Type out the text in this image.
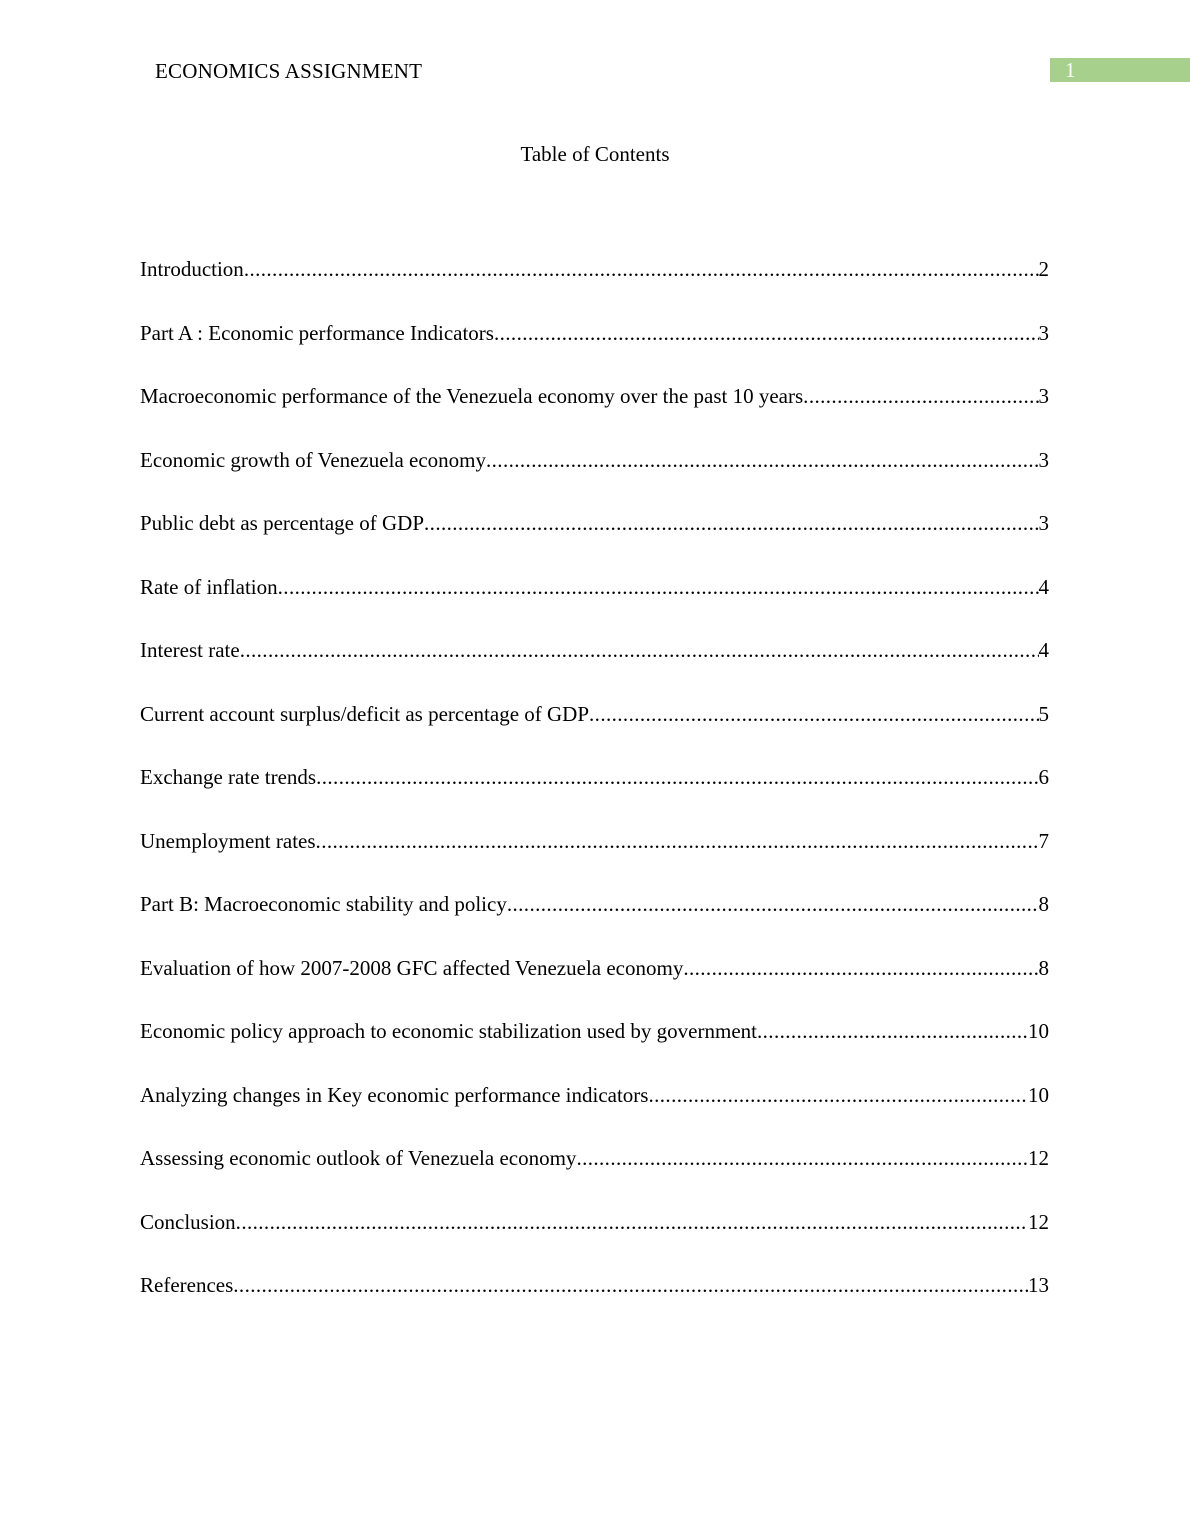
ECONOMICS ASSIGNMENT	1
Table of Contents
Introduction .....	2
Part A : Economic performance Indicators .....	3
Macroeconomic performance of the Venezuela economy over the past 10 years .....	3
Economic growth of Venezuela economy .....	3
Public debt as percentage of GDP .....	3
Rate of inflation .....	4
Interest rate .....	4
Current account surplus/deficit as percentage of GDP .....	5
Exchange rate trends .....	6
Unemployment rates .....	7
Part B: Macroeconomic stability and policy .....	8
Evaluation of how 2007-2008 GFC affected Venezuela economy .....	8
Economic policy approach to economic stabilization used by government .....	10
Analyzing changes in Key economic performance indicators .....	10
Assessing economic outlook of Venezuela economy .....	12
Conclusion .....	12
References .....	13
